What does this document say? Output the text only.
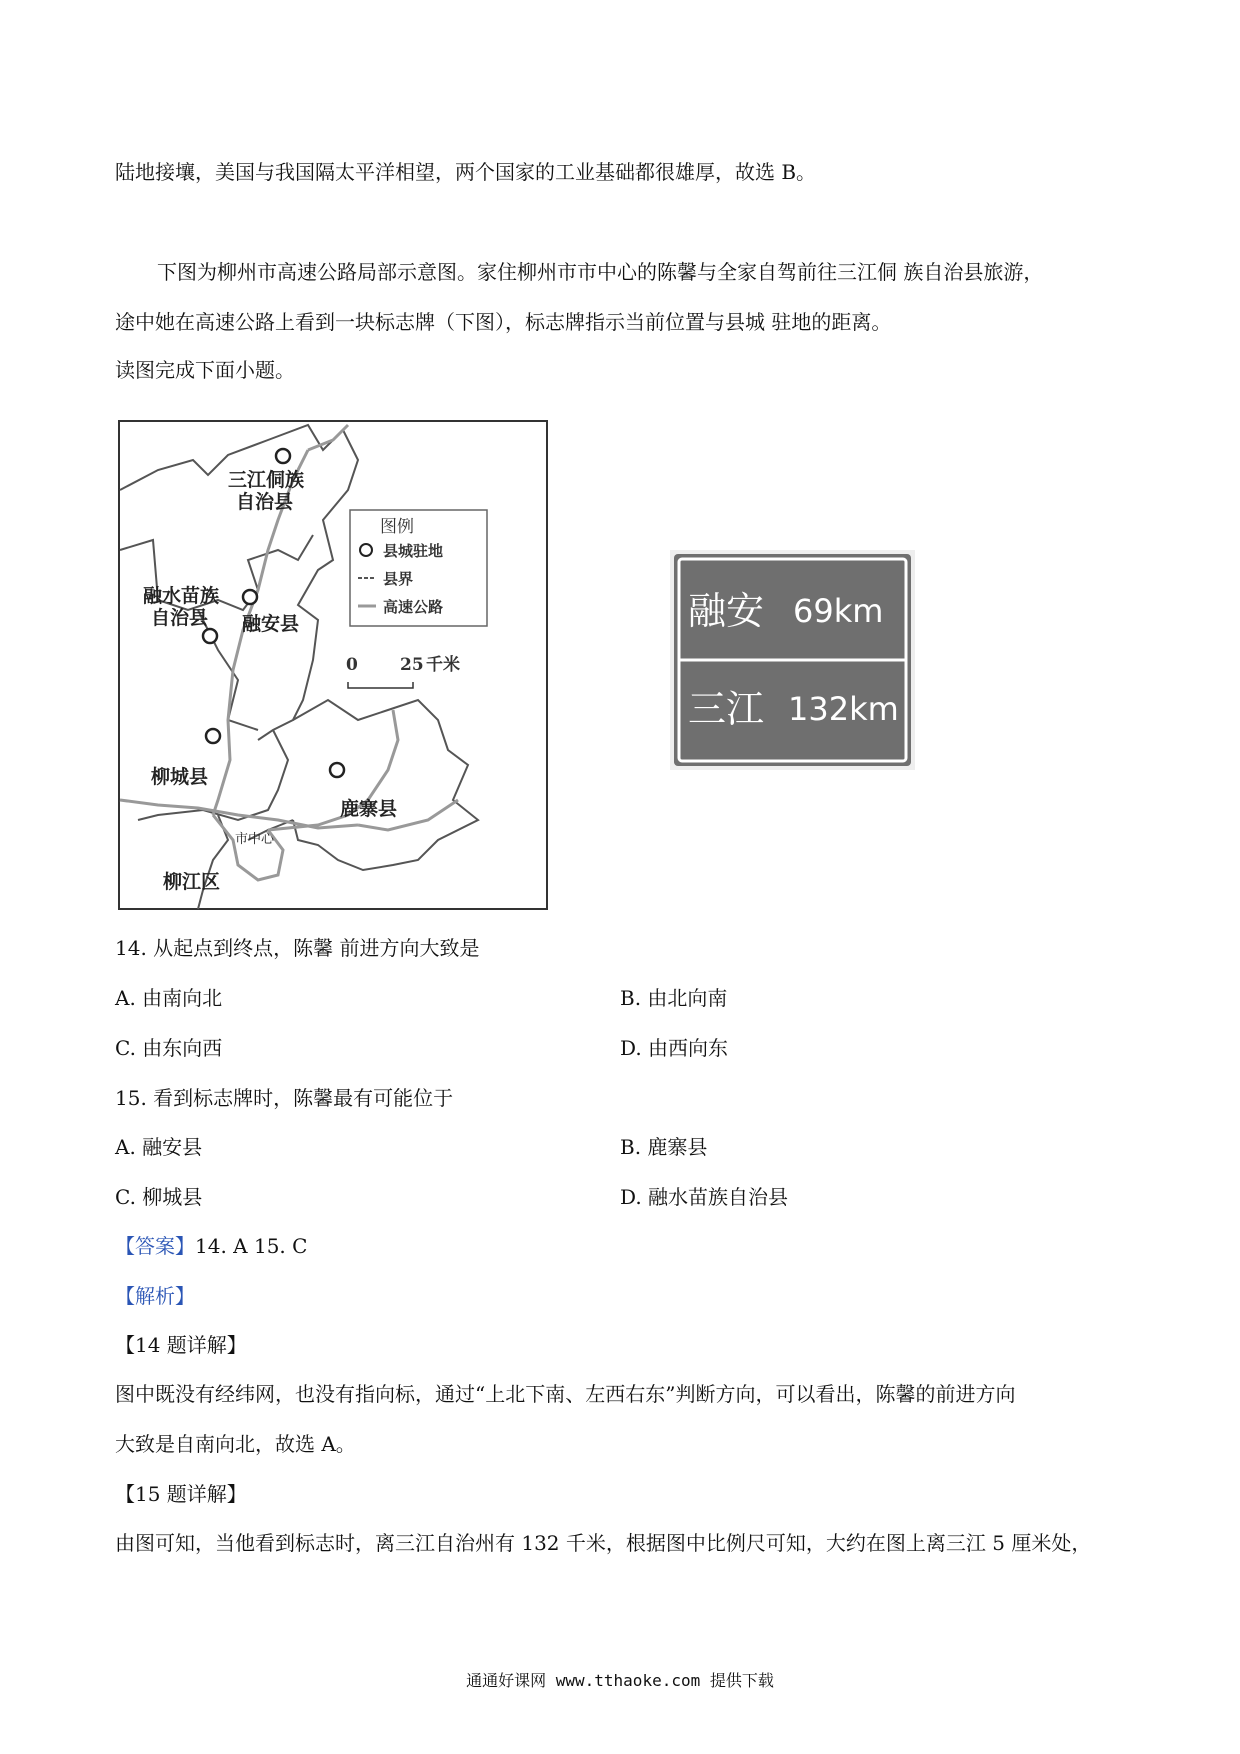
陆地接壤，美国与我国隔太平洋相望，两个国家的工业基础都很雄厚，故选 B。
下图为柳州市高速公路局部示意图。家住柳州市市中心的陈馨与全家自驾前往三江侗 族自治县旅游，
途中她在高速公路上看到一块标志牌（下图），标志牌指示当前位置与县城 驻地的距离。
读图完成下面小题。
三江侗族
自治县
融水苗族
自治县 融安县
柳城县
鹿寨县
柳江区
市中心
图例
县城驻地
县界
高速公路
0 25 千米
融安 69km
三江 132km
14. 从起点到终点，陈馨 前进方向大致是
A. 由南向北	B. 由北向南
C. 由东向西	D. 由西向东
15. 看到标志牌时，陈馨最有可能位于
A. 融安县	B. 鹿寨县
C. 柳城县	D. 融水苗族自治县
【答案】14. A 15. C
【解析】
【14 题详解】
图中既没有经纬网，也没有指向标，通过“上北下南、左西右东”判断方向，可以看出，陈馨的前进方向
大致是自南向北，故选 A。
【15 题详解】
由图可知，当他看到标志时，离三江自治州有 132 千米，根据图中比例尺可知，大约在图上离三江 5 厘米处，
通通好课网 www.tthaoke.com 提供下载
